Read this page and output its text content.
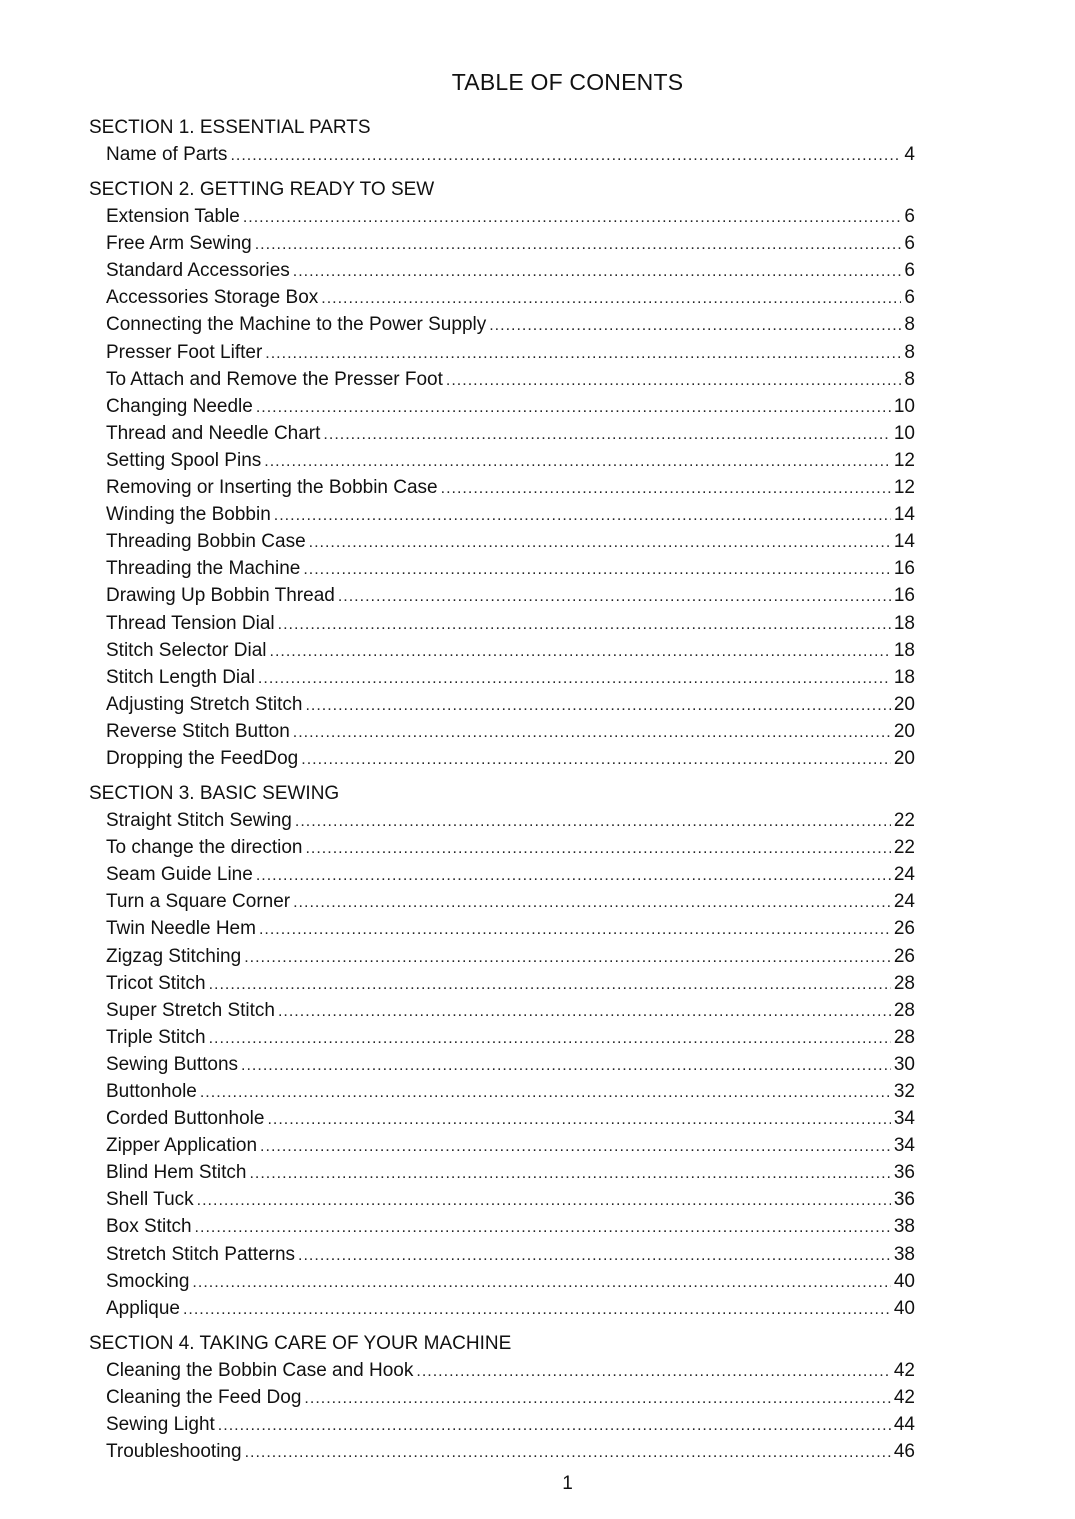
TABLE OF CONENTS
SECTION 1. ESSENTIAL PARTS
Name of Parts .....	4
SECTION 2. GETTING READY TO SEW
Extension Table .....	6
Free Arm Sewing .....	6
Standard Accessories .....	6
Accessories Storage Box .....	6
Connecting the Machine to the Power Supply .....	8
Presser Foot Lifter .....	8
To Attach and Remove the Presser Foot .....	8
Changing Needle .....	10
Thread and Needle Chart .....	10
Setting Spool Pins .....	12
Removing or Inserting the Bobbin Case .....	12
Winding the Bobbin .....	14
Threading Bobbin Case .....	14
Threading the Machine .....	16
Drawing Up Bobbin Thread .....	16
Thread Tension Dial .....	18
Stitch Selector Dial .....	18
Stitch Length Dial .....	18
Adjusting Stretch Stitch .....	20
Reverse Stitch Button .....	20
Dropping the FeedDog .....	20
SECTION 3. BASIC SEWING
Straight Stitch Sewing .....	22
To change the direction .....	22
Seam Guide Line .....	24
Turn a Square Corner .....	24
Twin Needle Hem .....	26
Zigzag Stitching .....	26
Tricot Stitch .....	28
Super Stretch Stitch .....	28
Triple Stitch .....	28
Sewing Buttons .....	30
Buttonhole .....	32
Corded Buttonhole .....	34
Zipper Application .....	34
Blind Hem Stitch .....	36
Shell Tuck .....	36
Box Stitch .....	38
Stretch Stitch Patterns .....	38
Smocking .....	40
Applique .....	40
SECTION 4. TAKING CARE OF YOUR MACHINE
Cleaning the Bobbin Case and Hook .....	42
Cleaning the Feed Dog .....	42
Sewing Light .....	44
Troubleshooting .....	46
1
